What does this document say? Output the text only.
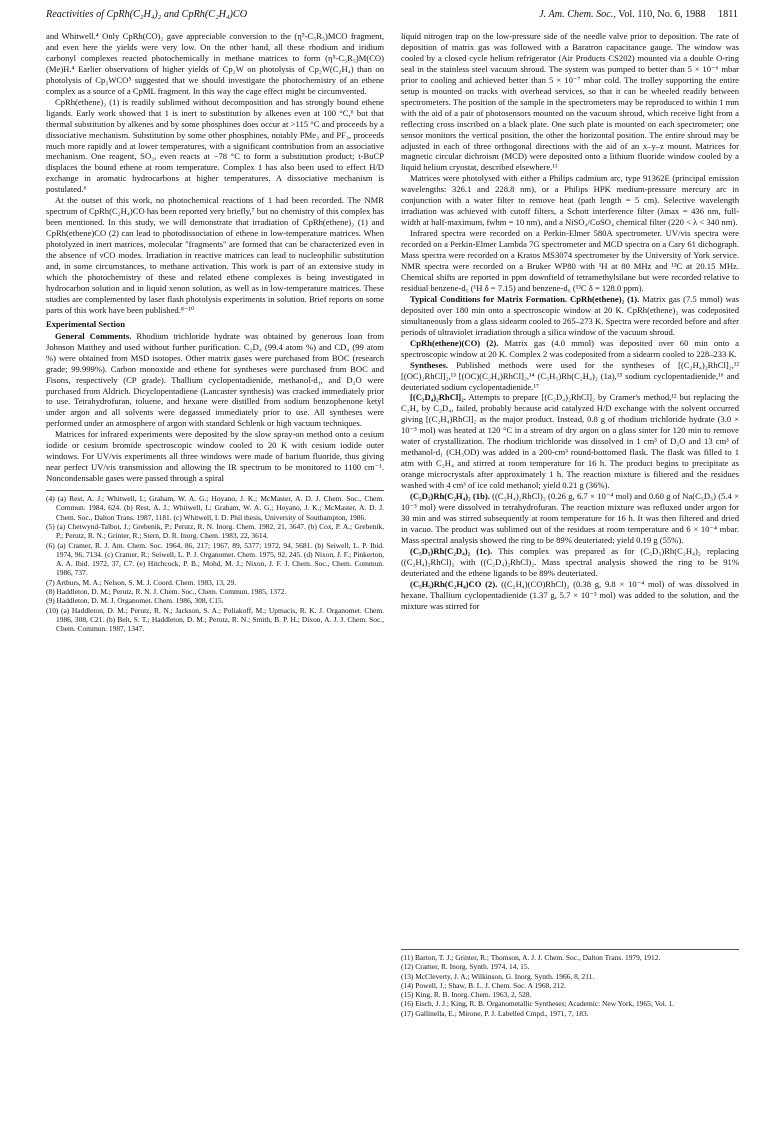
Reactivities of CpRh(C₂H₄)₂ and CpRh(C₂H₄)CO	J. Am. Chem. Soc., Vol. 110, No. 6, 1988 1811

and Whitwell.⁴ Only CpRh(CO)₂ gave appreciable conversion to the (η⁵-C₅R₅)MCO fragment, and even here the yields were very low. On the other hand, all these rhodium and iridium carbonyl complexes reacted photochemically in methane matrices to form (η⁵-C₅R₅)M(CO)(Me)H.⁴ Earlier observations of higher yields of Cp₂W on photolysis of Cp₂W(C₂H₄) than on photolysis of Cp₂WCO⁵ suggested that we should investigate the photochemistry of an ethene complex as a source of a CpML fragment. In this way the cage effect might be circumvented.

CpRh(ethene)₂ (1) is readily sublimed without decomposition and has strongly bound ethene ligands. Early work showed that 1 is inert to substitution by alkenes even at 100 °C,⁶ but that thermal substitution by alkenes and by some phosphines does occur at >115 °C and proceeds by a dissociative mechanism. Substitution by some other phosphines, notably PMe₃ and PF₃, proceeds much more rapidly and at lower temperatures, with a significant contribution from an associative mechanism. One reagent, SO₂, even reacts at −78 °C to form a substitution product; t-BuCP displaces the bound ethene at room temperature. Complex 1 has also been used to effect H/D exchange in aromatic hydrocarbons at higher temperatures. A dissociative mechanism is postulated.⁶

At the outset of this work, no photochemical reactions of 1 had been recorded. The NMR spectrum of CpRh(C₂H₄)CO has been reported very briefly,⁷ but no chemistry of this complex has been mentioned. In this study, we will demonstrate that irradiation of CpRh(ethene)₂ (1) and CpRh(ethene)CO (2) can lead to photodissociation of ethene in low-temperature matrices. When photolyzed in inert matrices, molecular "fragments" are formed that can be characterized even in the absence of νCO modes. Irradiation in reactive matrices can lead to nucleophilic substitution and, in some circumstances, to methane activation. This work is part of an extensive study in which the photochemistry of these and related ethene complexes is being investigated in hydrocarbon solution and in liquid xenon solution, as well as in low-temperature matrices. These studies are complemented by laser flash photolysis experiments in solution. Brief reports on some parts of this work have been published.⁸⁻¹⁰

Experimental Section

General Comments. Rhodium trichloride hydrate was obtained by generous loan from Johnson Matthey and used without further purification. C₂D₄ (99.4 atom %) and CD₄ (99 atom %) were obtained from MSD isotopes. Other matrix gases were purchased from BOC (research grade; 99.999%). Carbon monoxide and ethene for syntheses were purchased from BOC and Fisons, respectively (CP grade). Thallium cyclopentadienide, methanol-d₁, and D₂O were purchased from Aldrich. Dicyclopentadiene (Lancaster synthesis) was cracked immediately prior to use. Tetrahydrofuran, toluene, and hexane were distilled from sodium benzophenone ketyl under argon and all solvents were degassed immediately prior to use. All syntheses were performed under an atmosphere of argon with standard Schlenk or high vacuum techniques.

Matrices for infrared experiments were deposited by the slow spray-on method onto a cesium iodide or cesium bromide spectroscopic window cooled to 20 K with cesium iodide outer windows. For UV/vis experiments all three windows were made of barium fluoride, thus giving near perfect UV/vis transmission and allowing the IR spectrum to be monitored to 1100 cm⁻¹. Noncondensable gases were passed through a spiral

(4) (a) Rest, A. J.; Whitwell, I.; Graham, W. A. G.; Hoyano, J. K.; McMaster, A. D. J. Chem. Soc., Chem. Commun. 1984, 624. (b) Rest, A. J.; Whitwell, I.; Graham, W. A. G.; Hoyano, J. K.; McMaster, A. D. J. Chem. Soc., Dalton Trans. 1987, 1181. (c) Whitwell, I. D. Phil thesis, University of Southampton, 1986.
(5) (a) Chetwynd-Talbot, J.; Grebenik, P.; Perutz, R. N. Inorg. Chem. 1982, 21, 3647. (b) Cox, P. A.; Grebenik, P.; Perutz, R. N.; Grinter, R.; Stern, D. R. Inorg. Chem. 1983, 22, 3614.
(6) (a) Cramer, R. J. Am. Chem. Soc. 1964, 86, 217; 1967, 89, 5377; 1972, 94, 5681. (b) Seiwell, L. P. Ibid. 1974, 96, 7134. (c) Cramer, R.; Seiwell, L. P. J. Organomet. Chem. 1975, 92, 245. (d) Nixon, J. F.; Pinkerton, A. A. Ibid. 1972, 37, C7. (e) Hitchcock, P. B.; Mohd, M. J.; Nixon, J. F. J. Chem. Soc., Chem. Commun. 1986, 737.
(7) Arthurs, M. A.; Nelson, S. M. J. Coord. Chem. 1983, 13, 29.
(8) Haddleton, D. M.; Perutz, R. N. J. Chem. Soc., Chem. Commun. 1985, 1372.
(9) Haddleton, D. M. J. Organomet. Chem. 1986, 308, C15.
(10) (a) Haddleton, D. M.; Perutz, R. N.; Jackson, S. A.; Poliakoff, M.; Upmacis, R. K. J. Organomet. Chem. 1986, 308, C21. (b) Belt, S. T.; Haddleton, D. M.; Perutz, R. N.; Smith, B. P. H.; Dixon, A. J. J. Chem. Soc., Chem. Commun. 1987, 1347.

liquid nitrogen trap on the low-pressure side of the needle valve prior to deposition. The rate of deposition of matrix gas was followed with a Baratron capacitance gauge. The window was cooled by a closed cycle helium refrigerator (Air Products CS202) mounted via a double O-ring seal in the stainless steel vacuum shroud. The system was pumped to better than 5 × 10⁻⁶ mbar prior to cooling and achieved better than 5 × 10⁻⁷ mbar cold. The trolley supporting the entire setup is mounted on tracks with overhead services, so that it can be wheeled readily between spectrometers. The position of the sample in the spectrometers may be reproduced to within 1 mm with the aid of a pair of photosensors mounted on the vacuum shroud, which receive light from a reflecting cross inscribed on a black plate. One such plate is mounted on each spectrometer; one sensor monitors the vertical position, the other the horizontal position. The entire shroud may be adjusted in each of three orthogonal directions with the aid of an x–y–z mount. Matrices for magnetic circular dichroism (MCD) were deposited onto a lithium fluoride window cooled by a liquid helium cryostat, described elsewhere.¹¹

Matrices were photolysed with either a Philips cadmium arc, type 91362E (principal emission wavelengths: 326.1 and 228.8 nm), or a Philips HPK medium-pressure mercury arc in conjunction with a water filter to remove heat (path length = 5 cm). Selective wavelength irradiation was achieved with cutoff filters, a Schott interference filter (λmax = 436 nm, full-width at half-maximum, fwhm = 10 nm), and a NiSO₄/CoSO₄ chemical filter (220 < λ < 340 nm).

Infrared spectra were recorded on a Perkin-Elmer 580A spectrometer. UV/vis spectra were recorded on a Perkin-Elmer Lambda 7G spectrometer and MCD spectra on a Cary 61 dichograph. Mass spectra were recorded on a Kratos MS3074 spectrometer by the University of York service. NMR spectra were recorded on a Bruker WP80 with ¹H at 80 MHz and ¹³C at 20.15 MHz. Chemical shifts are reported in ppm downfield of tetramethylsilane but were recorded relative to residual benzene-d₅ (¹H δ = 7.15) and benzene-d₆ (¹³C δ = 128.0 ppm).

Typical Conditions for Matrix Formation. CpRh(ethene)₂ (1). Matrix gas (7.5 mmol) was deposited over 180 min onto a spectroscopic window at 20 K. CpRh(ethene)₂ was codeposited simultaneously from a glass sidearm cooled to 265–273 K. Spectra were recorded before and after periods of ultraviolet irradiation through a silica window of the vacuum shroud.

CpRh(ethene)(CO) (2). Matrix gas (4.0 mmol) was deposited over 60 min onto a spectroscopic window at 20 K. Complex 2 was codeposited from a sidearm cooled to 228–233 K.

Syntheses. Published methods were used for the syntheses of [(C₂H₄)₂RhCl]₂,¹² [(OC)₂RhCl]₂,¹³ [(OC)(C₂H₄)RhCl]₂,¹⁴ (C₅H₅)Rh(C₂H₄)₂ (1a),¹⁵ sodium cyclopentadienide,¹⁶ and deuteriated sodium cyclopentadienide.¹⁷

[(C₂D₄)₂RhCl]₂. Attempts to prepare [(C₂D₄)₂RhCl]₂ by Cramer's method,¹² but replacing the C₂H₄ by C₂D₄, failed, probably because acid catalyzed H/D exchange with the solvent occurred giving [(C₂H₄)RhCl]₂ as the major product. Instead, 0.8 g of rhodium trichloride hydrate (3.0 × 10⁻³ mol) was heated at 120 °C in a stream of dry argon on a glass sinter for 120 min to remove water of crystallization. The rhodium trichloride was dissolved in 1 cm³ of D₂O and 13 cm³ of methanol-d₁ (CH₃OD) was added in a 200-cm³ round-bottomed flask. The flask was filled to 1 atm with C₂H₄ and stirred at room temperature for 16 h. The product begins to precipitate as orange microcrystals after approximately 1 h. The reaction mixture is filtered and the residues washed with 4 cm³ of ice cold methanol; yield 0.21 g (36%).

(C₅D₅)Rh(C₂H₄)₂ (1b). ((C₂H₄)₂RhCl)₂ (0.26 g, 6.7 × 10⁻⁴ mol) and 0.60 g of Na(C₅D₅) (5.4 × 10⁻³ mol) were dissolved in tetrahydrofuran. The reaction mixture was refluxed under argon for 30 min and was stirred subsequently at room temperature for 16 h. It was then filtered and dried in vacuo. The product was sublimed out of the residues at room temperature and 6 × 10⁻⁴ mbar. Mass spectral analysis showed the ring to be 89% deuteriated; yield 0.19 g (55%).

(C₅D₅)Rh(C₂D₄)₂ (1c). This complex was prepared as for (C₅D₅)Rh(C₂H₄)₂ replacing ((C₂H₄)₂RhCl)₂ with ((C₂D₄)₂RhCl)₂. Mass spectral analysis showed the ring to be 91% deuteriated and the ethene ligands to be 89% deuteriated.

(C₅H₅)Rh(C₂H₄)CO (2). ((C₂H₄)(CO)RhCl)₂ (0.38 g, 9.8 × 10⁻⁴ mol) of was dissolved in hexane. Thallium cyclopentadienide (1.37 g, 5.7 × 10⁻³ mol) was added to the solution, and the mixture was stirred for

(11) Barton, T. J.; Grinter, R.; Thomson, A. J. J. Chem. Soc., Dalton Trans. 1979, 1912.
(12) Cramer, R. Inorg. Synth. 1974, 14, 15.
(13) McCleverty, J. A.; Wilkinson, G. Inorg. Synth. 1966, 8, 211.
(14) Powell, J.; Shaw, B. L. J. Chem. Soc. A 1968, 212.
(15) King, R. B. Inorg. Chem. 1963, 2, 528.
(16) Eisch, J. J.; King, R. B. Organometallic Syntheses; Academic: New York, 1965; Vol. 1.
(17) Gallinella, E.; Mirone, P. J. Labelled Cmpd., 1971, 7, 183.
